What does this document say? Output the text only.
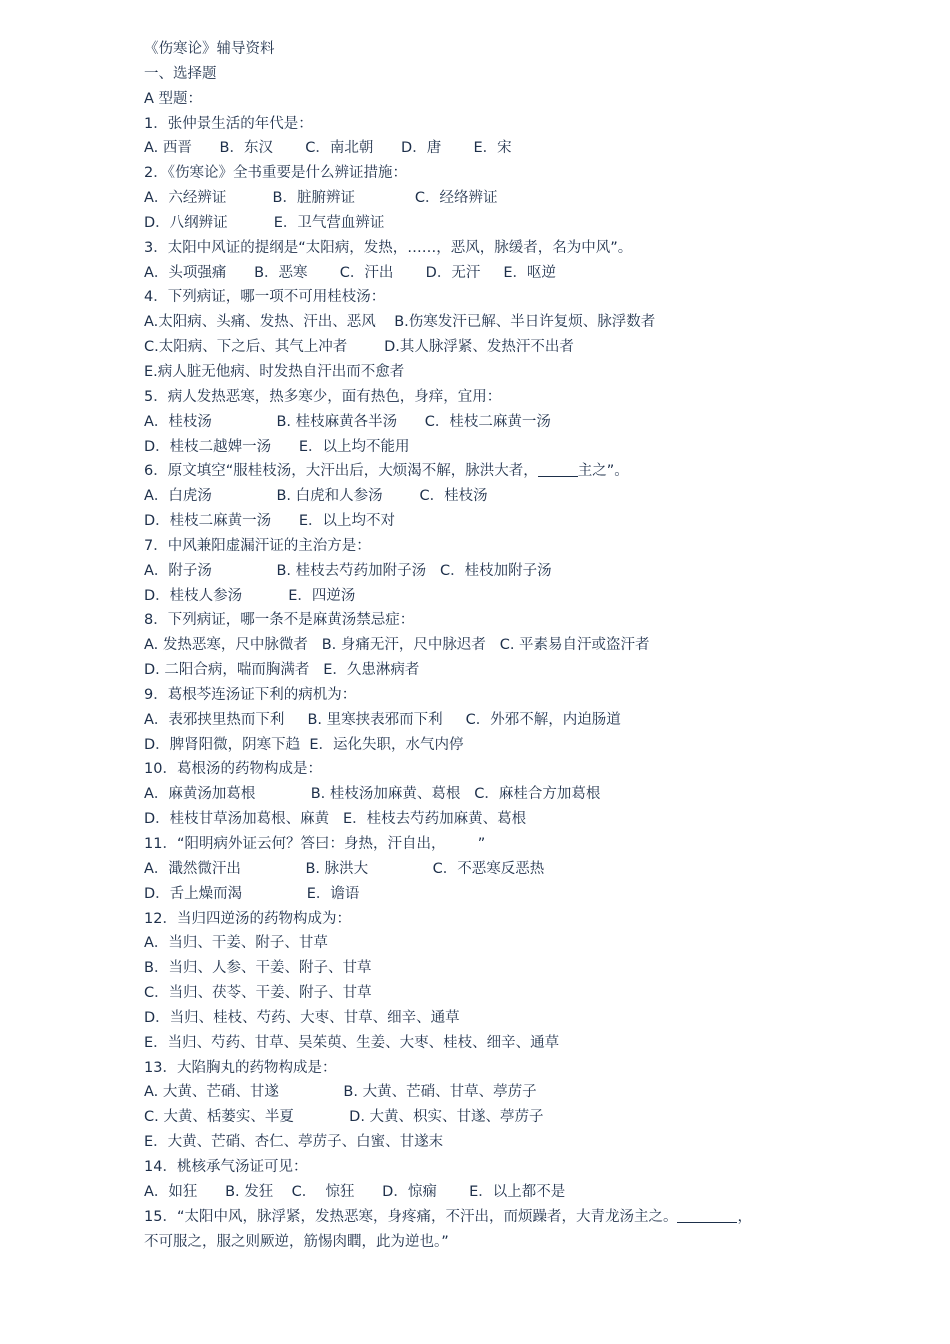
《伤寒论》辅导资料
一、选择题
A 型题：
1．张仲景生活的年代是：
A. 西晋      B．东汉       C．南北朝      D．唐       E．宋
2．《伤寒论》全书重要是什么辨证措施：
A．六经辨证          B．脏腑辨证             C．经络辨证
D．八纲辨证          E．卫气营血辨证
3．太阳中风证的提纲是“太阳病，发热，……，恶风，脉缓者，名为中风”。
A．头项强痛      B．恶寒       C．汗出       D．无汗     E．呕逆
4．下列病证，哪一项不可用桂枝汤：
A.太阳病、头痛、发热、汗出、恶风    B.伤寒发汗已解、半日许复烦、脉浮数者
C.太阳病、下之后、其气上冲者        D.其人脉浮紧、发热汗不出者
E.病人脏无他病、时发热自汗出而不愈者
5．病人发热恶寒，热多寒少，面有热色，身痒，宜用：
A．桂枝汤              B. 桂枝麻黄各半汤      C．桂枝二麻黄一汤
D．桂枝二越婢一汤      E．以上均不能用
6．原文填空“服桂枝汤，大汗出后，大烦渴不解，脉洪大者，	主之”。
A．白虎汤              B. 白虎和人参汤        C．桂枝汤
D．桂枝二麻黄一汤      E．以上均不对
7．中风兼阳虚漏汗证的主治方是：
A．附子汤              B. 桂枝去芍药加附子汤   C．桂枝加附子汤
D．桂枝人参汤          E．四逆汤
8．下列病证，哪一条不是麻黄汤禁忌症：
A. 发热恶寒，尺中脉微者   B. 身痛无汗，尺中脉迟者   C. 平素易自汗或盗汗者
D. 二阳合病，喘而胸满者   E．久患淋病者
9．葛根芩连汤证下利的病机为：
A．表邪挟里热而下利     B. 里寒挟表邪而下利     C．外邪不解，内迫肠道
D．脾肾阳微，阴寒下趋  E．运化失职，水气内停
10．葛根汤的药物构成是：
A．麻黄汤加葛根            B. 桂枝汤加麻黄、葛根   C．麻桂合方加葛根
D．桂枝甘草汤加葛根、麻黄   E．桂枝去芍药加麻黄、葛根
11．“阳明病外证云何？答曰：身热，汗自出，       ”
A．濈然微汗出              B. 脉洪大              C．不恶寒反恶热
D．舌上燥而渴              E．谵语
12．当归四逆汤的药物构成为：
A．当归、干姜、附子、甘草
B．当归、人参、干姜、附子、甘草
C．当归、茯苓、干姜、附子、甘草
D．当归、桂枝、芍药、大枣、甘草、细辛、通草
E．当归、芍药、甘草、吴茱萸、生姜、大枣、桂枝、细辛、通草
13．大陷胸丸的药物构成是：
A. 大黄、芒硝、甘遂              B. 大黄、芒硝、甘草、葶苈子
C. 大黄、栝蒌实、半夏            D. 大黄、枳实、甘遂、葶苈子
E．大黄、芒硝、杏仁、葶苈子、白蜜、甘遂末
14．桃核承气汤证可见：
A．如狂      B. 发狂    C．  惊狂      D．惊痫       E．以上都不是
15．“太阳中风，脉浮紧，发热恶寒，身疼痛，不汗出，而烦躁者，大青龙汤主之。	，
不可服之，服之则厥逆，筋惕肉瞤，此为逆也。”
